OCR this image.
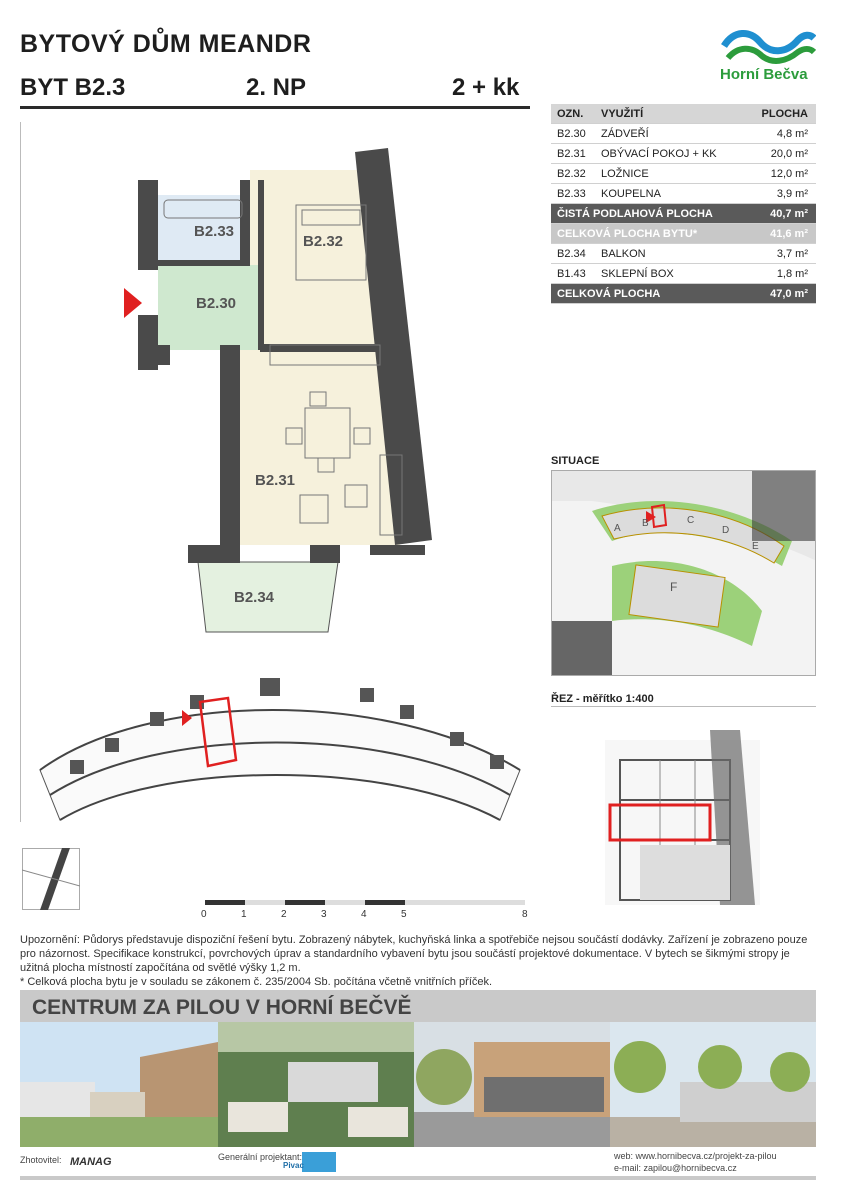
BYTOVÝ DŮM MEANDR
BYT B2.3	2. NP	2 + kk	Horní Bečva
OZN.	VYUŽITÍ	PLOCHA
B2.30	ZÁDVEŘÍ	4,8 m²
B2.31	OBÝVACÍ POKOJ + KK	20,0 m²
B2.32	LOŽNICE	12,0 m²
B2.33	KOUPELNA	3,9 m²
ČISTÁ PODLAHOVÁ PLOCHA	40,7 m²
CELKOVÁ PLOCHA BYTU*	41,6 m²
B2.34	BALKON	3,7 m²
B1.43	SKLEPNÍ BOX	1,8 m²
CELKOVÁ PLOCHA	47,0 m²
B2.33
B2.32
B2.30
B2.31
B2.34
SITUACE
A B	C
D
E
F
ŘEZ - měřítko 1:400
0	1	2	3	4	5	8
Upozornění: Půdorys představuje dispoziční řešení bytu. Zobrazený nábytek, kuchyňská linka a spotřebiče nejsou součástí dodávky. Zařízení je zobrazeno pouze pro názornost. Specifikace konstrukcí, povrchových úprav a standardního vybavení bytu jsou součástí projektové dokumentace. V bytech se šikmými stropy je užitná plocha místností započítána od světlé výšky 1,2 m.
* Celková plocha bytu je v souladu se zákonem č. 235/2004 Sb. počítána včetně vnitřních příček.
CENTRUM ZA PILOU V HORNÍ BEČVĚ
Zhotovitel: MANAG	Generální projektant:
Pivac
web: www.hornibecva.cz/projekt-za-pilou
e-mail: zapilou@hornibecva.cz
